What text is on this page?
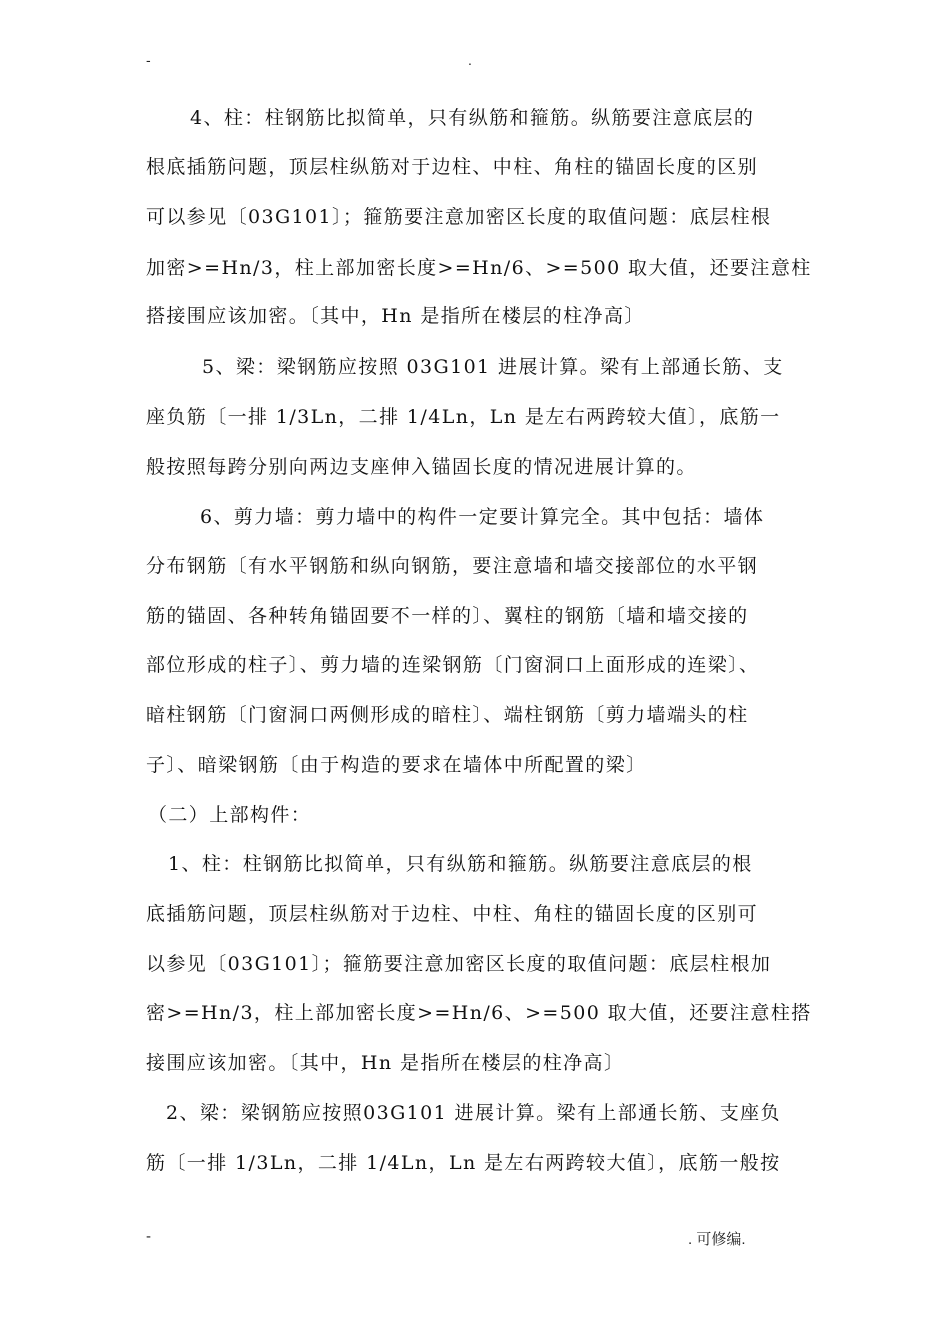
-	.
4、柱：柱钢筋比拟简单，只有纵筋和箍筋。纵筋要注意底层的
根底插筋问题，顶层柱纵筋对于边柱、中柱、角柱的锚固长度的区别
可以参见〔03G101〕；箍筋要注意加密区长度的取值问题：底层柱根
加密>=Hn/3，柱上部加密长度>=Hn/6、>=500 取大值，还要注意柱
搭接围应该加密。〔其中，Hn 是指所在楼层的柱净高〕
5、梁：梁钢筋应按照 03G101 进展计算。梁有上部通长筋、支
座负筋〔一排 1/3Ln，二排 1/4Ln，Ln 是左右两跨较大值〕，底筋一
般按照每跨分别向两边支座伸入锚固长度的情况进展计算的。
6、剪力墙：剪力墙中的构件一定要计算完全。其中包括：墙体
分布钢筋〔有水平钢筋和纵向钢筋，要注意墙和墙交接部位的水平钢
筋的锚固、各种转角锚固要不一样的〕、翼柱的钢筋〔墙和墙交接的
部位形成的柱子〕、剪力墙的连梁钢筋〔门窗洞口上面形成的连梁〕、
暗柱钢筋〔门窗洞口两侧形成的暗柱〕、端柱钢筋〔剪力墙端头的柱
子〕、暗梁钢筋〔由于构造的要求在墙体中所配置的梁〕
（二）上部构件：
1、柱：柱钢筋比拟简单，只有纵筋和箍筋。纵筋要注意底层的根
底插筋问题，顶层柱纵筋对于边柱、中柱、角柱的锚固长度的区别可
以参见〔03G101〕；箍筋要注意加密区长度的取值问题：底层柱根加
密>=Hn/3，柱上部加密长度>=Hn/6、>=500 取大值，还要注意柱搭
接围应该加密。〔其中，Hn 是指所在楼层的柱净高〕
2、梁：梁钢筋应按照03G101 进展计算。梁有上部通长筋、支座负
筋〔一排 1/3Ln，二排 1/4Ln，Ln 是左右两跨较大值〕，底筋一般按
-	. 可修编.
